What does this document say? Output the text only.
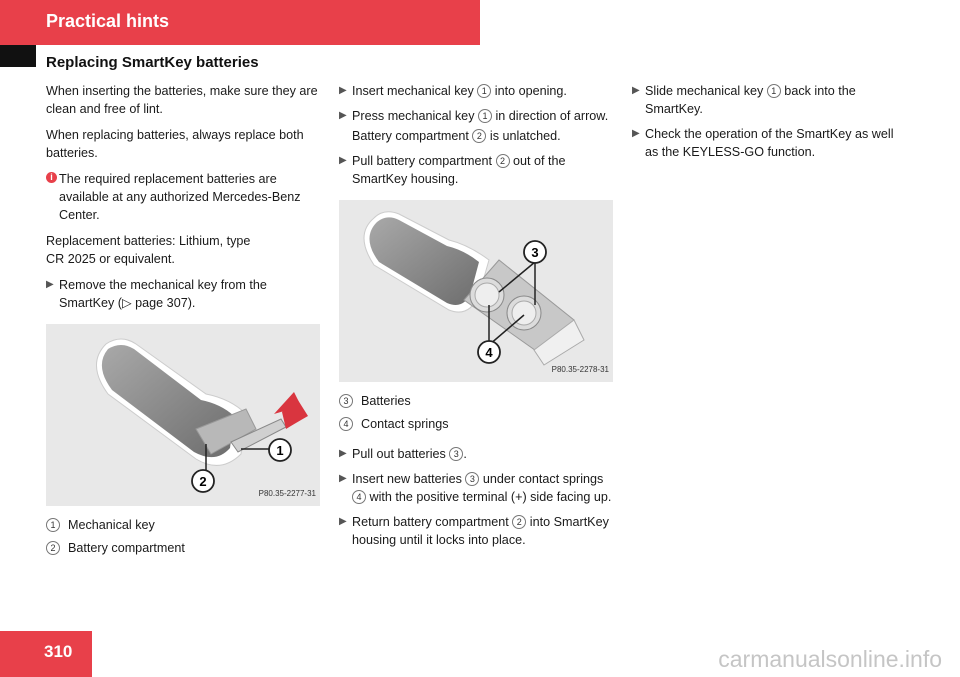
Practical hints
Replacing SmartKey batteries

When inserting the batteries, make sure they are clean and free of lint.

When replacing batteries, always replace both batteries.

i The required replacement batteries are available at any authorized Mercedes-Benz Center.

Replacement batteries: Lithium, type
CR 2025 or equivalent.

▶ Remove the mechanical key from the SmartKey (▷ page 307).
1
2
P80.35-2277-31
1 Mechanical key
2 Battery compartment
▶ Insert mechanical key 1 into opening.
▶ Press mechanical key 1 in direction of arrow.
Battery compartment 2 is unlatched.
▶ Pull battery compartment 2 out of the SmartKey housing.
3
4
P80.35-2278-31
3 Batteries
4 Contact springs
▶ Pull out batteries 3 .
▶ Insert new batteries 3 under contact springs 4 with the positive terminal (+) side facing up.
▶ Return battery compartment 2 into SmartKey housing until it locks into place.
▶ Slide mechanical key 1 back into the SmartKey.
▶ Check the operation of the SmartKey as well as the KEYLESS-GO function.
310	carmanualsonline.info
